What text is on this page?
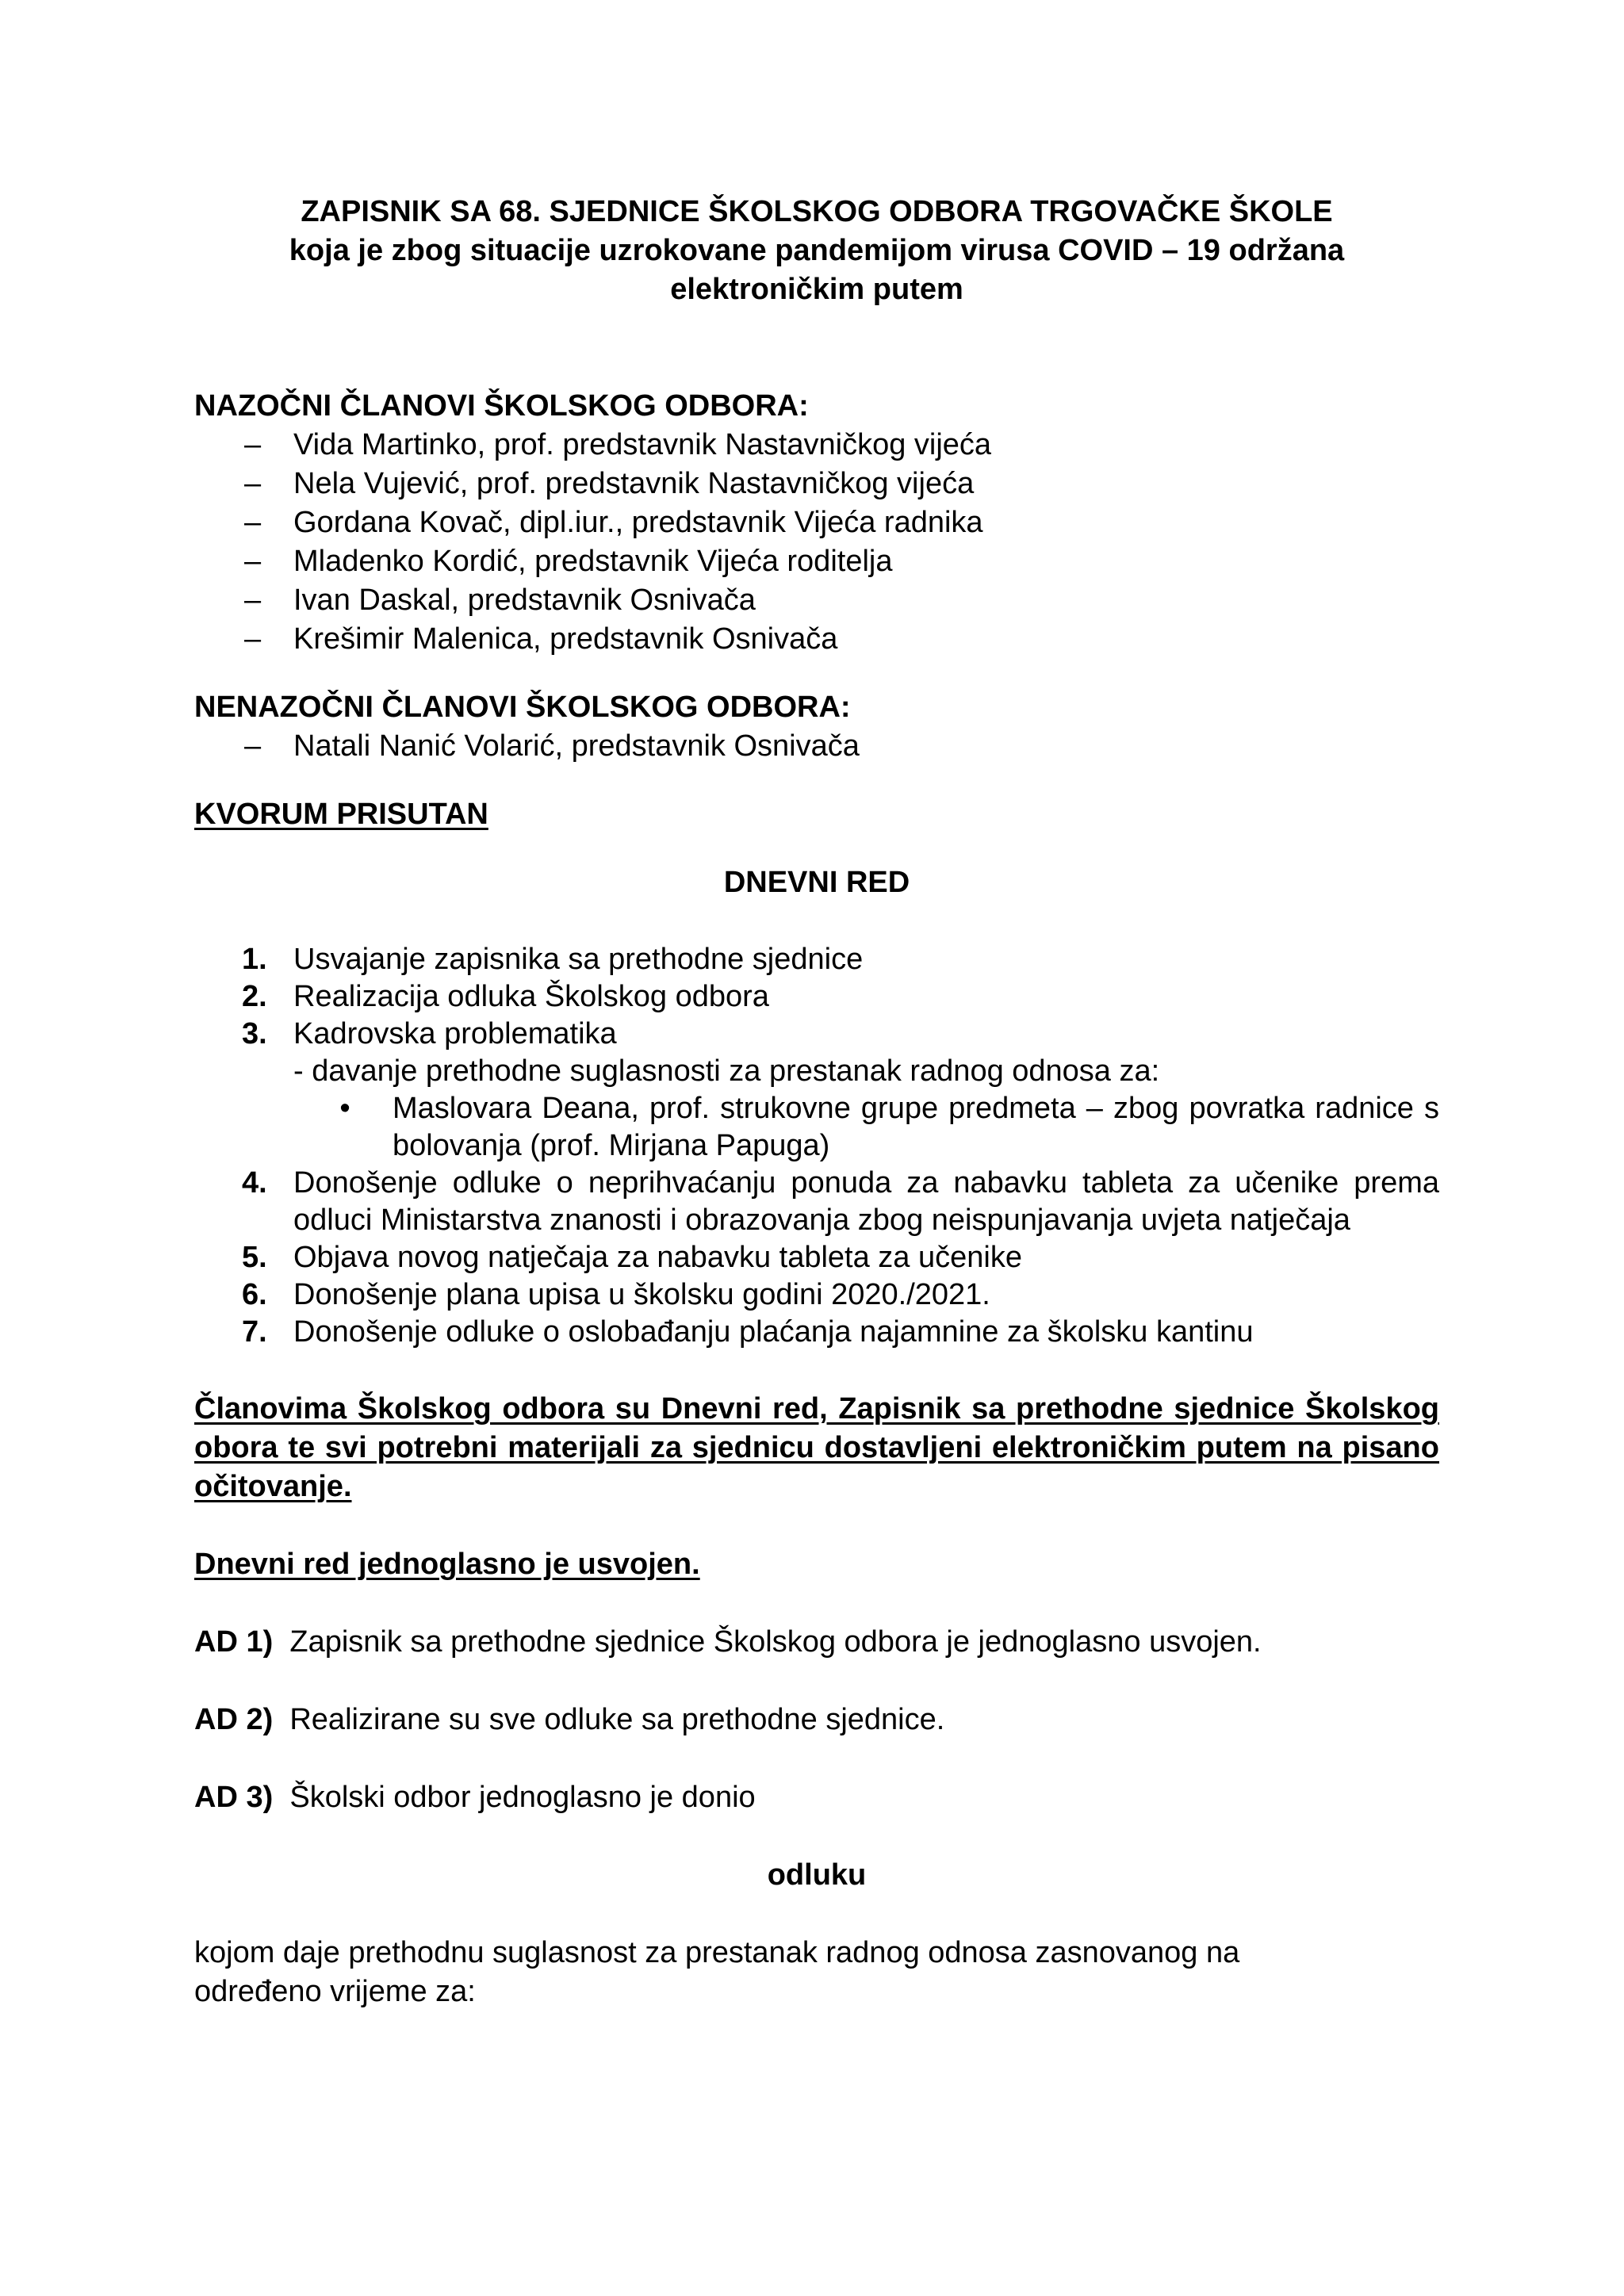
ZAPISNIK SA 68. SJEDNICE ŠKOLSKOG ODBORA TRGOVAČKE ŠKOLE
koja je zbog situacije uzrokovane pandemijom virusa COVID – 19 održana
elektroničkim putem
NAZOČNI ČLANOVI ŠKOLSKOG ODBORA:
– Vida Martinko, prof. predstavnik Nastavničkog vijeća
– Nela Vujević, prof. predstavnik Nastavničkog vijeća
– Gordana Kovač, dipl.iur., predstavnik Vijeća radnika
– Mladenko Kordić, predstavnik Vijeća roditelja
– Ivan Daskal, predstavnik Osnivača
– Krešimir Malenica, predstavnik Osnivača
NENAZOČNI ČLANOVI ŠKOLSKOG ODBORA:
– Natali Nanić Volarić, predstavnik Osnivača
KVORUM PRISUTAN
DNEVNI RED
1. Usvajanje zapisnika sa prethodne sjednice
2. Realizacija odluka Školskog odbora
3. Kadrovska problematika
- davanje prethodne suglasnosti za prestanak radnog odnosa za:
• Maslovara Deana, prof. strukovne grupe predmeta – zbog povratka radnice s bolovanja (prof. Mirjana Papuga)
4. Donošenje odluke o neprihvaćanju ponuda za nabavku tableta za učenike prema odluci Ministarstva znanosti i obrazovanja zbog neispunjavanja uvjeta natječaja
5. Objava novog natječaja za nabavku tableta za učenike
6. Donošenje plana upisa u školsku godini 2020./2021.
7. Donošenje odluke o oslobađanju plaćanja najamnine za školsku kantinu
Članovima Školskog odbora su Dnevni red, Zapisnik sa prethodne sjednice Školskog obora te svi potrebni materijali za sjednicu dostavljeni elektroničkim putem na pisano očitovanje.
Dnevni red jednoglasno je usvojen.
AD 1) Zapisnik sa prethodne sjednice Školskog odbora je jednoglasno usvojen.
AD 2) Realizirane su sve odluke sa prethodne sjednice.
AD 3) Školski odbor jednoglasno je donio
odluku
kojom daje prethodnu suglasnost za prestanak radnog odnosa zasnovanog na određeno vrijeme za:
